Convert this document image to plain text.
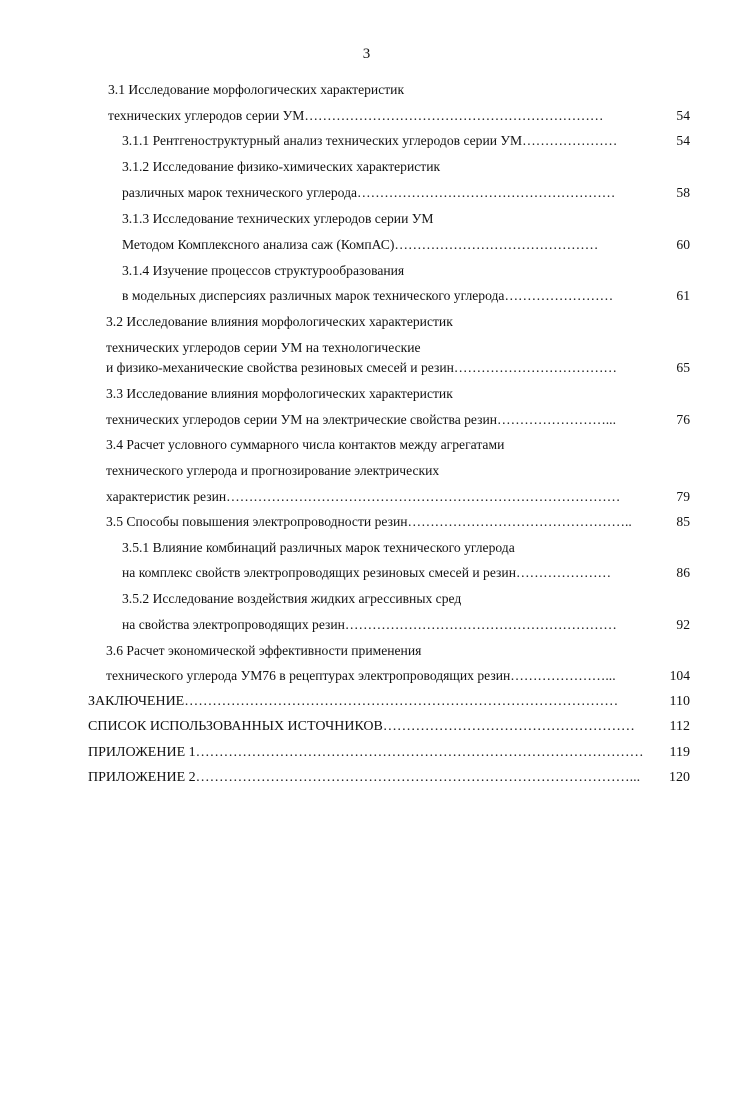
3
3.1 Исследование морфологических характеристик
технических углеродов серии УМ…………………………………………………………	54
3.1.1 Рентгеноструктурный анализ технических углеродов серии УМ…………………	54
3.1.2 Исследование физико-химических характеристик
различных марок технического углерода…………………………………………………	58
3.1.3 Исследование технических углеродов серии УМ
Методом Комплексного анализа саж (КомпАС)………………………………………	60
3.1.4 Изучение процессов структурообразования
в модельных дисперсиях различных марок технического углерода……………………	61
3.2 Исследование влияния морфологических характеристик
технических углеродов серии УМ на технологические
и физико-механические свойства резиновых смесей и резин………………………………	65
3.3 Исследование влияния морфологических характеристик
технических углеродов серии УМ на электрические свойства резин……………………...	76
3.4 Расчет условного суммарного числа контактов между агрегатами
технического углерода и прогнозирование электрических
характеристик резин……………………………………………………………………………	79
3.5 Способы повышения электропроводности резин…………………………………………..	85
3.5.1 Влияние комбинаций различных марок технического углерода
на комплекс свойств электропроводящих резиновых смесей и резин…………………	86
3.5.2 Исследование воздействия жидких агрессивных сред
на свойства электропроводящих резин……………………………………………………	92
3.6 Расчет экономической эффективности применения
технического углерода УМ76 в рецептурах электропроводящих резин…………………...	104
ЗАКЛЮЧЕНИЕ…………………………………………………………………………………	110
СПИСОК ИСПОЛЬЗОВАННЫХ ИСТОЧНИКОВ……………………………………………… 112
ПРИЛОЖЕНИЕ 1…………………………………………………………………………………… 119
ПРИЛОЖЕНИЕ 2…………………………………………………………………………………... 120
